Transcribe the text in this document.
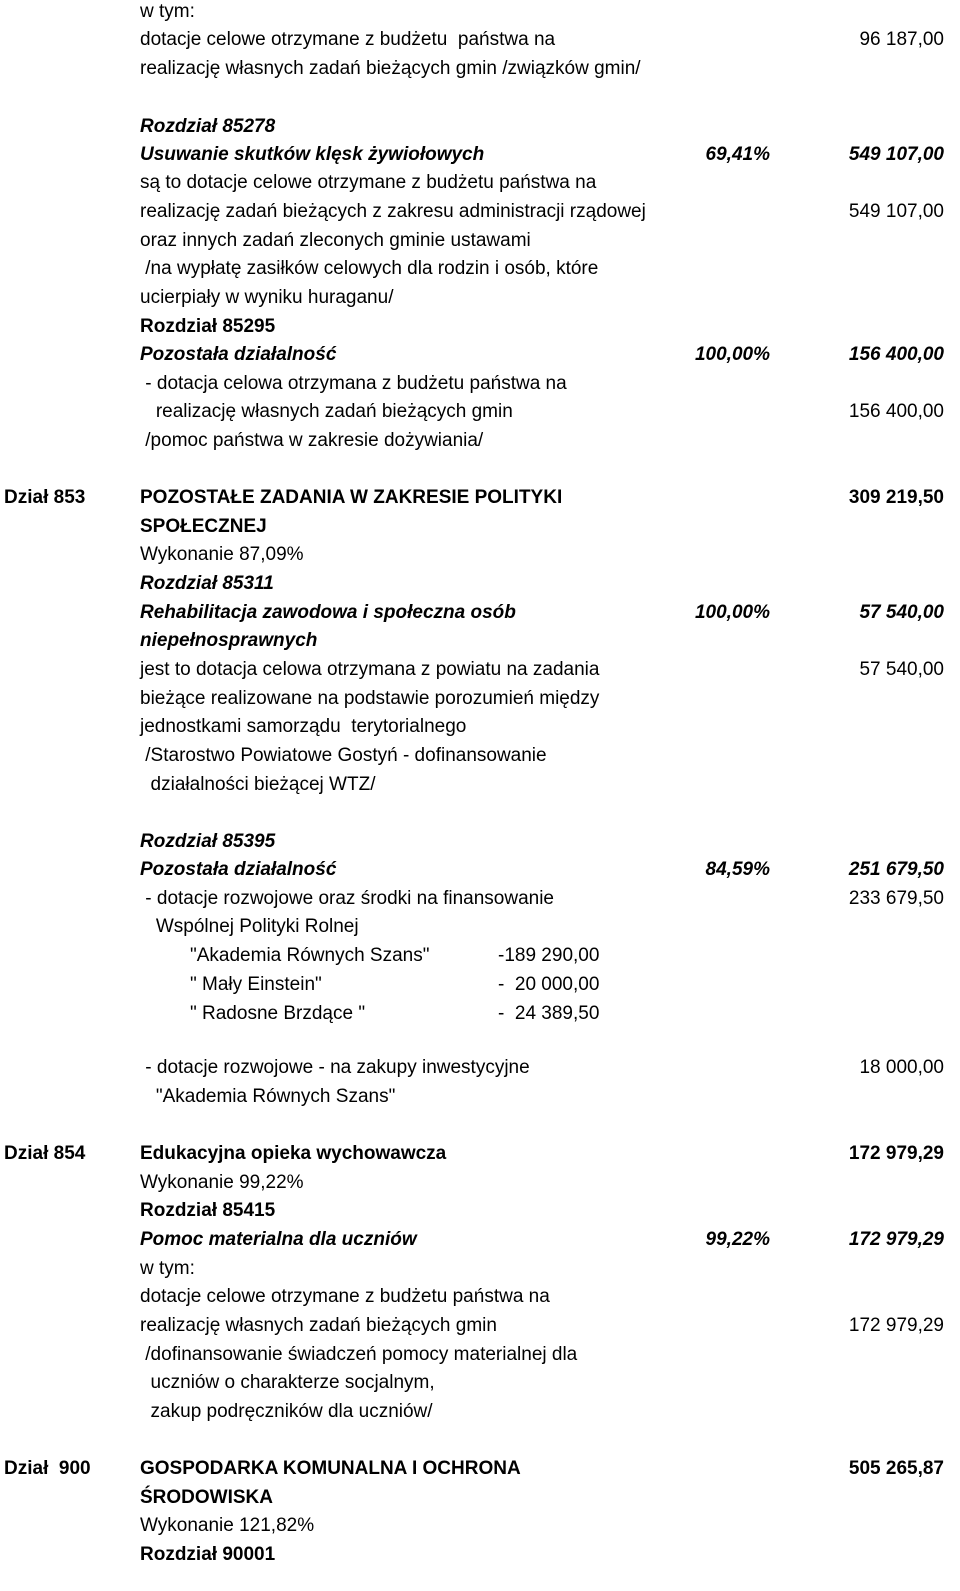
w tym:
dotacje celowe otrzymane z budżetu  państwa na	96 187,00
realizację własnych zadań bieżących gmin /związków gmin/
Rozdział 85278
Usuwanie skutków klęsk żywiołowych	69,41%	549 107,00
są to dotacje celowe otrzymane z budżetu państwa na
realizację zadań bieżących z zakresu administracji rządowej	549 107,00
oraz innych zadań zleconych gminie ustawami
/na wypłatę zasiłków celowych dla rodzin i osób, które
ucierpiały w wyniku huraganu/
Rozdział 85295
Pozostała działalność	100,00%	156 400,00
- dotacja celowa otrzymana z budżetu państwa na
realizację własnych zadań bieżących gmin	156 400,00
/pomoc państwa w zakresie dożywiania/
Dział 853	POZOSTAŁE ZADANIA W ZAKRESIE POLITYKI	309 219,50
SPOŁECZNEJ
Wykonanie 87,09%
Rozdział 85311
Rehabilitacja zawodowa i społeczna osób	100,00%	57 540,00
niepełnosprawnych
jest to dotacja celowa otrzymana z powiatu na zadania	57 540,00
bieżące realizowane na podstawie porozumień między
jednostkami samorządu  terytorialnego
/Starostwo Powiatowe Gostyń - dofinansowanie
działalności bieżącej WTZ/
Rozdział 85395
Pozostała działalność	84,59%	251 679,50
- dotacje rozwojowe oraz środki na finansowanie	233 679,50
Wspólnej Polityki Rolnej
"Akademia Równych Szans"	-189 290,00
" Mały Einstein"	-  20 000,00
" Radosne Brzdące "	-  24 389,50
- dotacje rozwojowe - na zakupy inwestycyjne	18 000,00
"Akademia Równych Szans"
Dział 854	Edukacyjna opieka wychowawcza	172 979,29
Wykonanie 99,22%
Rozdział 85415
Pomoc materialna dla uczniów	99,22%	172 979,29
w tym:
dotacje celowe otrzymane z budżetu państwa na
realizację własnych zadań bieżących gmin	172 979,29
/dofinansowanie świadczeń pomocy materialnej dla
uczniów o charakterze socjalnym,
zakup podręczników dla uczniów/
Dział  900	GOSPODARKA KOMUNALNA I OCHRONA	505 265,87
ŚRODOWISKA
Wykonanie 121,82%
Rozdział 90001
